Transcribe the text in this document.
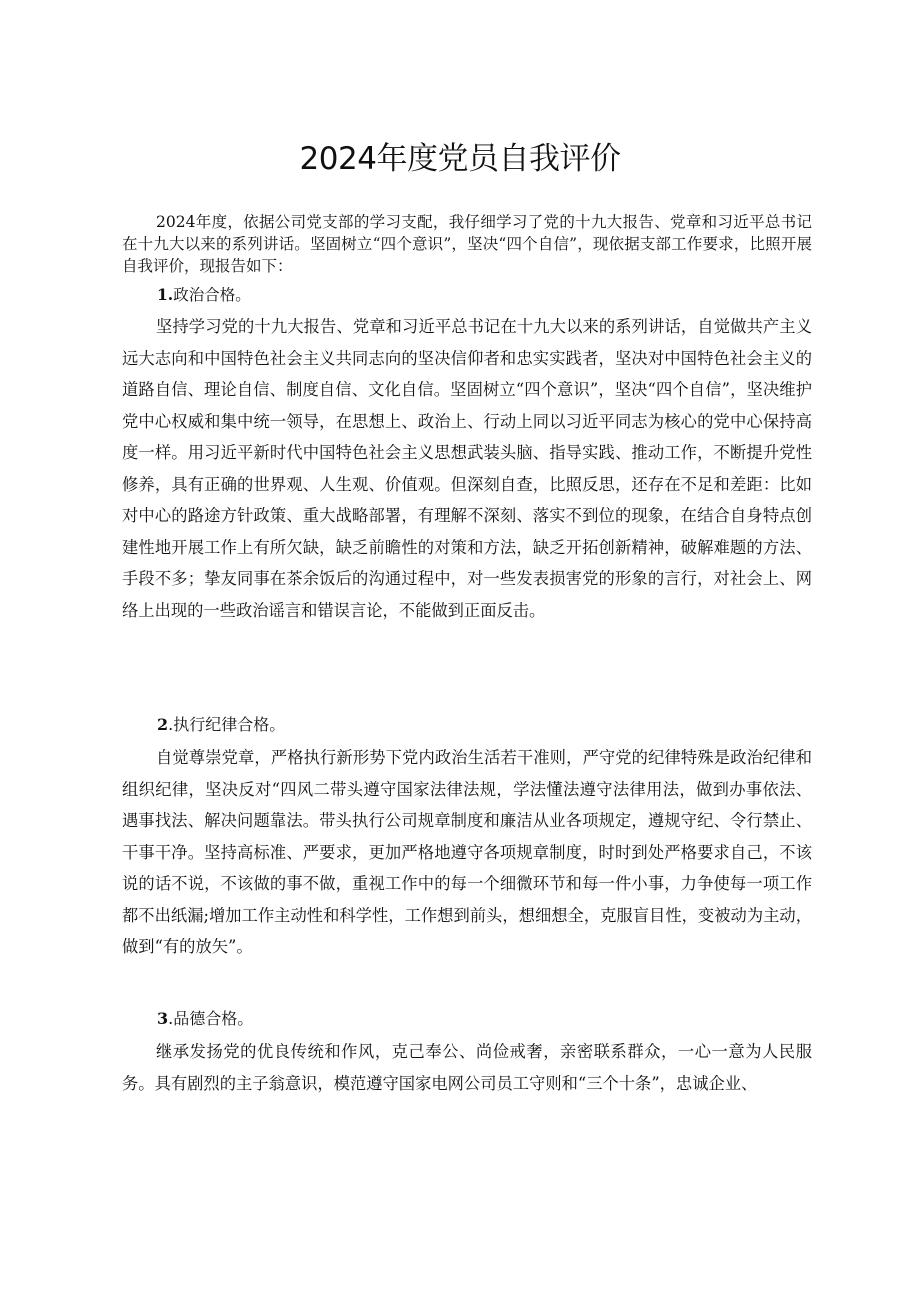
2024年度党员自我评价

2024年度，依据公司党支部的学习支配，我仔细学习了党的十九大报告、党章和习近平总书记在十九大以来的系列讲话。坚固树立“四个意识”，坚决“四个自信”，现依据支部工作要求，比照开展自我评价，现报告如下：

1.政治合格。

坚持学习党的十九大报告、党章和习近平总书记在十九大以来的系列讲话，自觉做共产主义远大志向和中国特色社会主义共同志向的坚决信仰者和忠实实践者，坚决对中国特色社会主义的道路自信、理论自信、制度自信、文化自信。坚固树立“四个意识”，坚决“四个自信”，坚决维护党中心权威和集中统一领导，在思想上、政治上、行动上同以习近平同志为核心的党中心保持高度一样。用习近平新时代中国特色社会主义思想武装头脑、指导实践、推动工作，不断提升党性修养，具有正确的世界观、人生观、价值观。但深刻自查，比照反思，还存在不足和差距：比如对中心的路途方针政策、重大战略部署，有理解不深刻、落实不到位的现象，在结合自身特点创建性地开展工作上有所欠缺，缺乏前瞻性的对策和方法，缺乏开拓创新精神，破解难题的方法、手段不多；挚友同事在茶余饭后的沟通过程中，对一些发表损害党的形象的言行，对社会上、网络上出现的一些政治谣言和错误言论，不能做到正面反击。

2.执行纪律合格。

自觉尊崇党章，严格执行新形势下党内政治生活若干准则，严守党的纪律特殊是政治纪律和组织纪律，坚决反对“四风二带头遵守国家法律法规，学法懂法遵守法律用法，做到办事依法、遇事找法、解决问题靠法。带头执行公司规章制度和廉洁从业各项规定，遵规守纪、令行禁止、干事干净。坚持高标准、严要求，更加严格地遵守各项规章制度，时时到处严格要求自己，不该说的话不说，不该做的事不做，重视工作中的每一个细微环节和每一件小事，力争使每一项工作都不出纸漏;增加工作主动性和科学性，工作想到前头，想细想全，克服盲目性，变被动为主动，做到“有的放矢”。

3.品德合格。

继承发扬党的优良传统和作风，克己奉公、尚俭戒奢，亲密联系群众，一心一意为人民服务。具有剧烈的主子翁意识，模范遵守国家电网公司员工守则和“三个十条”，忠诚企业、
